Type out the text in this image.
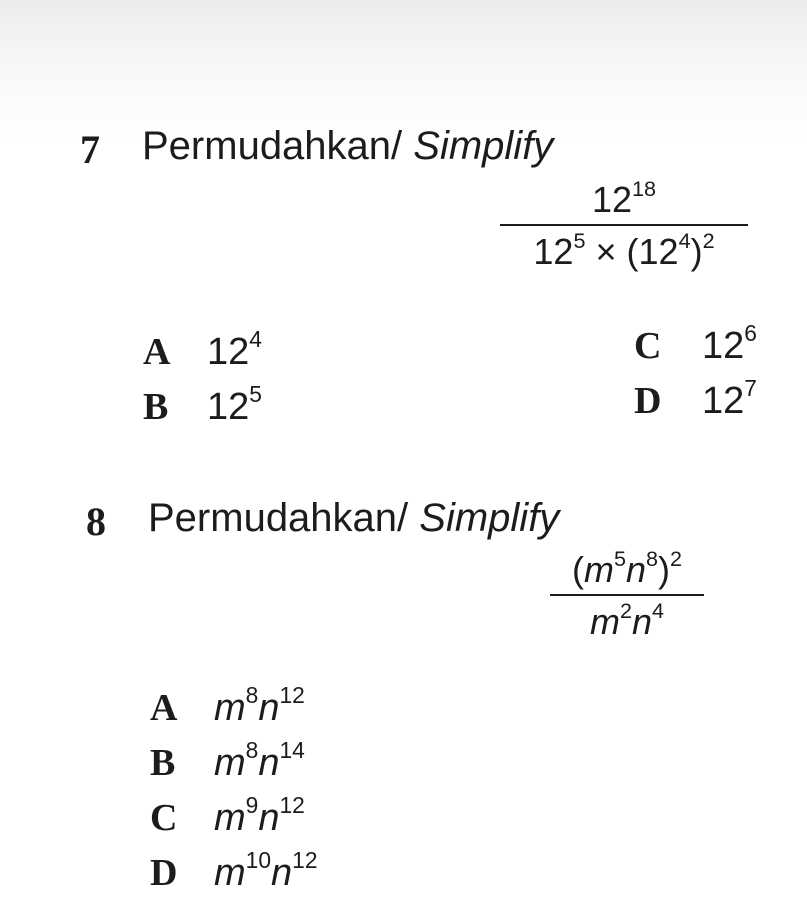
7 Permudahkan/ Simplify
$12^{18}$
$12^5 \times (12^4)^2$
A $12^4$
B $12^5$
C $12^6$
D $12^7$
8 Permudahkan/ Simplify
$(m^5n^8)^2$
$m^2n^4$
A $m^8n^{12}$
B $m^8n^{14}$
C $m^9n^{12}$
D $m^{10}n^{12}$
